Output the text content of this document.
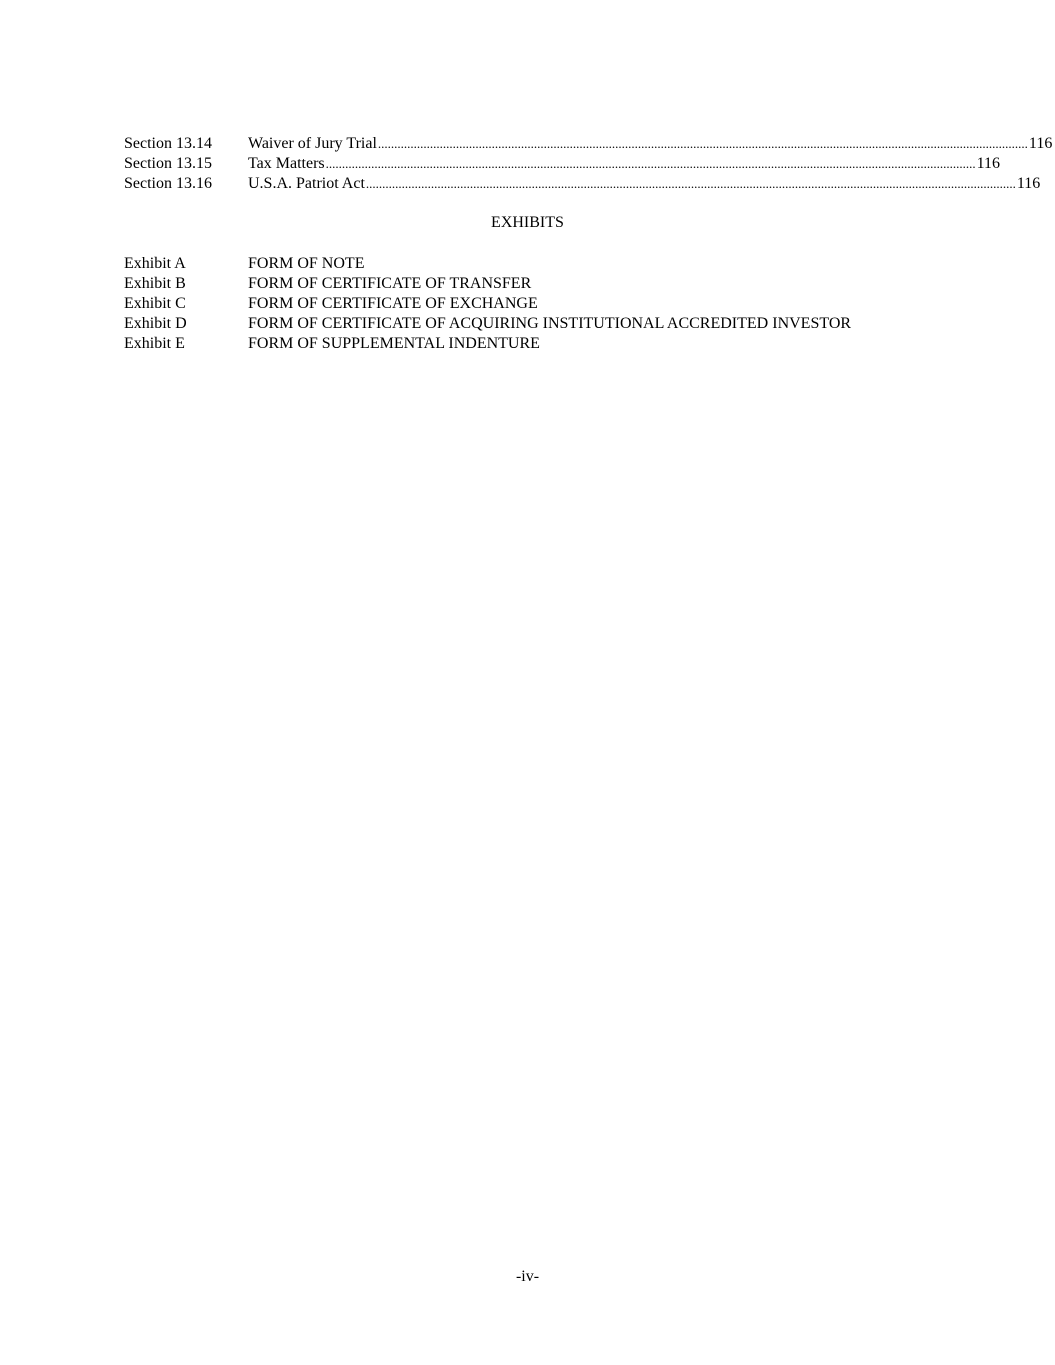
Section 13.14	Waiver of Jury Trial ........................................................................................................................................................................................................ 116
Section 13.15	Tax Matters ........................................................................................................................................................................................................ 116
Section 13.16	U.S.A. Patriot Act ........................................................................................................................................................................................................ 116
EXHIBITS
Exhibit A	FORM OF NOTE
Exhibit B	FORM OF CERTIFICATE OF TRANSFER
Exhibit C	FORM OF CERTIFICATE OF EXCHANGE
Exhibit D	FORM OF CERTIFICATE OF ACQUIRING INSTITUTIONAL ACCREDITED INVESTOR
Exhibit E	FORM OF SUPPLEMENTAL INDENTURE
-iv-
